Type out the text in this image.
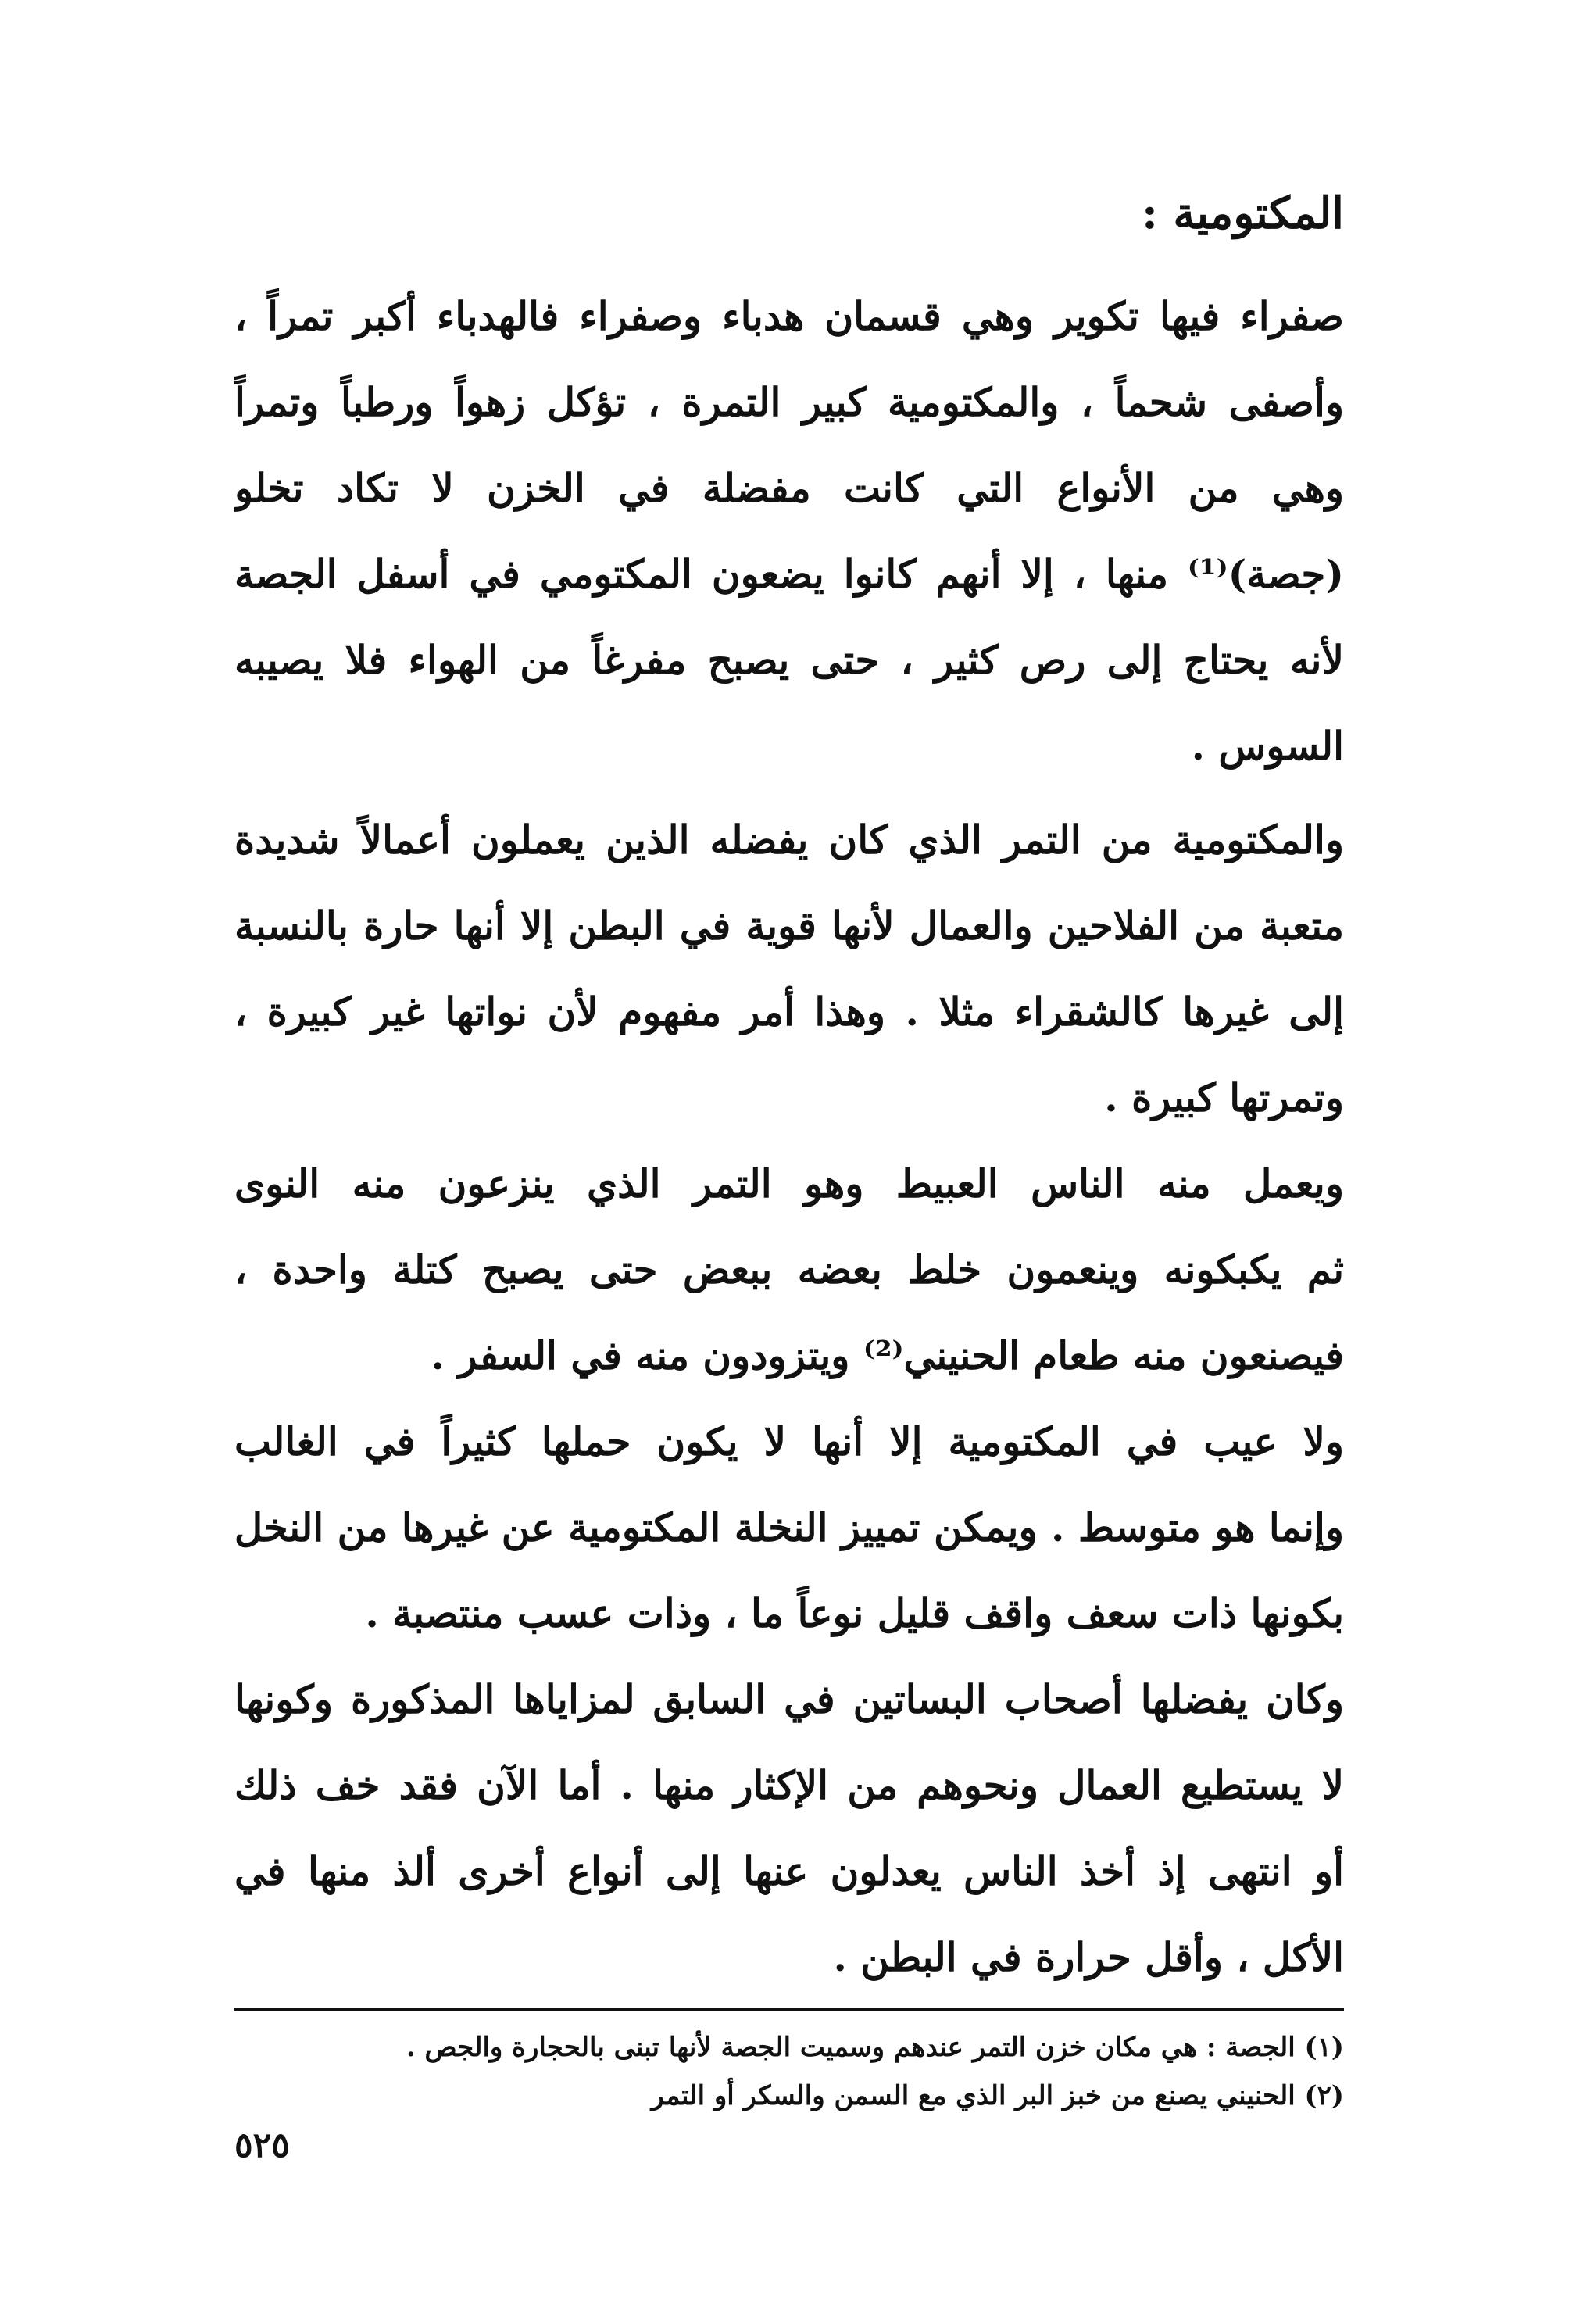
المكتومية :
صفراء فيها تكوير وهي قسمان هدباء وصفراء فالهدباء أكبر تمراً ،
وأصفى شحماً ، والمكتومية كبير التمرة ، تؤكل زهواً ورطباً وتمراً
وهي من الأنواع التي كانت مفضلة في الخزن لا تكاد تخلو
(جصة)⁽¹⁾ منها ، إلا أنهم كانوا يضعون المكتومي في أسفل الجصة
لأنه يحتاج إلى رص كثير ، حتى يصبح مفرغاً من الهواء فلا يصيبه
السوس .
والمكتومية من التمر الذي كان يفضله الذين يعملون أعمالاً شديدة
متعبة من الفلاحين والعمال لأنها قوية في البطن إلا أنها حارة بالنسبة
إلى غيرها كالشقراء مثلا . وهذا أمر مفهوم لأن نواتها غير كبيرة ،
وتمرتها كبيرة .
ويعمل منه الناس العبيط وهو التمر الذي ينزعون منه النوى
ثم يكبكونه وينعمون خلط بعضه ببعض حتى يصبح كتلة واحدة ،
فيصنعون منه طعام الحنيني⁽²⁾ ويتزودون منه في السفر .
ولا عيب في المكتومية إلا أنها لا يكون حملها كثيراً في الغالب
وإنما هو متوسط . ويمكن تمييز النخلة المكتومية عن غيرها من النخل
بكونها ذات سعف واقف قليل نوعاً ما ، وذات عسب منتصبة .
وكان يفضلها أصحاب البساتين في السابق لمزاياها المذكورة وكونها
لا يستطيع العمال ونحوهم من الإكثار منها . أما الآن فقد خف ذلك
أو انتهى إذ أخذ الناس يعدلون عنها إلى أنواع أخرى ألذ منها في
الأكل ، وأقل حرارة في البطن .
(١) الجصة : هي مكان خزن التمر عندهم وسميت الجصة لأنها تبنى بالحجارة والجص .
(٢) الحنيني يصنع من خبز البر الذي مع السمن والسكر أو التمر
٥٢٥
